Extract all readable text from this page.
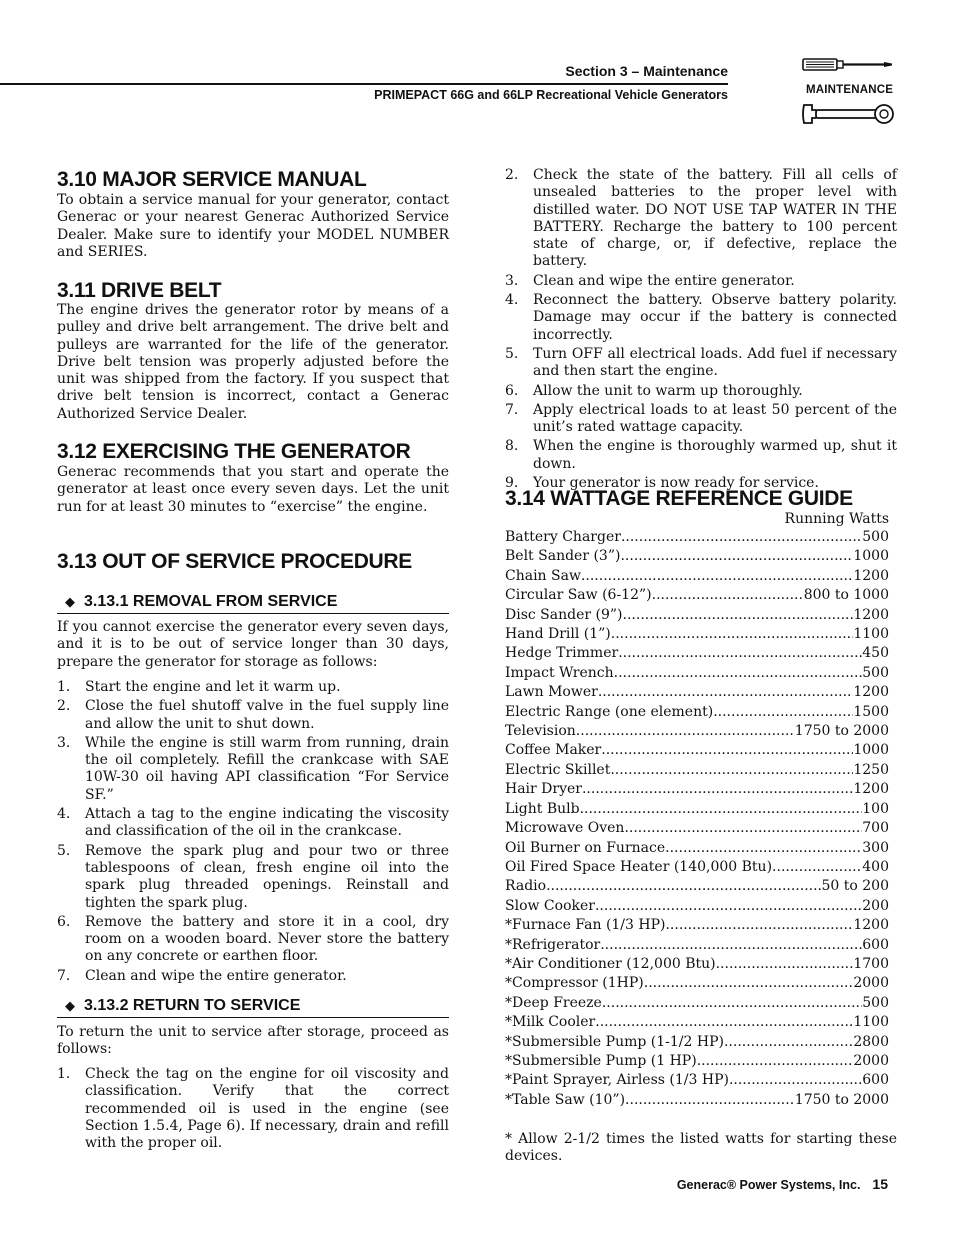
Section 3 – Maintenance
PRIMEPACT 66G and 66LP Recreational Vehicle Generators	MAINTENANCE
3.10 MAJOR SERVICE MANUAL

To obtain a service manual for your generator, contact Generac or your nearest Generac Authorized Service Dealer. Make sure to identify your MODEL NUMBER and SERIES.

3.11 DRIVE BELT

The engine drives the generator rotor by means of a pulley and drive belt arrangement. The drive belt and pulleys are warranted for the life of the generator. Drive belt tension was properly adjusted before the unit was shipped from the factory. If you suspect that drive belt tension is incorrect, contact a Generac Authorized Service Dealer.

3.12 EXERCISING THE GENERATOR

Generac recommends that you start and operate the generator at least once every seven days. Let the unit run for at least 30 minutes to “exercise” the engine.

3.13 OUT OF SERVICE PROCEDURE
◆ 3.13.1 REMOVAL FROM SERVICE

If you cannot exercise the generator every seven days, and it is to be out of service longer than 30 days, prepare the generator for storage as follows:

1. Start the engine and let it warm up.
2. Close the fuel shutoff valve in the fuel supply line and allow the unit to shut down.
3. While the engine is still warm from running, drain the oil completely. Refill the crankcase with SAE 10W-30 oil having API classification “For Service SF.”
4. Attach a tag to the engine indicating the viscosity and classification of the oil in the crankcase.
5. Remove the spark plug and pour two or three tablespoons of clean, fresh engine oil into the spark plug threaded openings. Reinstall and tighten the spark plug.
6. Remove the battery and store it in a cool, dry room on a wooden board. Never store the battery on any concrete or earthen floor.
7. Clean and wipe the entire generator.
◆ 3.13.2 RETURN TO SERVICE

To return the unit to service after storage, proceed as follows:

1. Check the tag on the engine for oil viscosity and classification. Verify that the correct recommended oil is used in the engine (see Section 1.5.4, Page 6). If necessary, drain and refill with the proper oil.
2. Check the state of the battery. Fill all cells of unsealed batteries to the proper level with distilled water. DO NOT USE TAP WATER IN THE BATTERY. Recharge the battery to 100 percent state of charge, or, if defective, replace the battery.
3. Clean and wipe the entire generator.
4. Reconnect the battery. Observe battery polarity. Damage may occur if the battery is connected incorrectly.
5. Turn OFF all electrical loads. Add fuel if necessary and then start the engine.
6. Allow the unit to warm up thoroughly.
7. Apply electrical loads to at least 50 percent of the unit’s rated wattage capacity.
8. When the engine is thoroughly warmed up, shut it down.
9. Your generator is now ready for service.
3.14 WATTAGE REFERENCE GUIDE
Running Watts
Battery Charger .....	500
Belt Sander (3”) .....	1000
Chain Saw .....	1200
Circular Saw (6-12”) .....	800 to 1000
Disc Sander (9”) .....	1200
Hand Drill (1”) .....	1100
Hedge Trimmer .....	450
Impact Wrench .....	500
Lawn Mower .....	1200
Electric Range (one element) .....	1500
Television .....	1750 to 2000
Coffee Maker .....	1000
Electric Skillet .....	1250
Hair Dryer .....	1200
Light Bulb .....	100
Microwave Oven .....	700
Oil Burner on Furnace .....	300
Oil Fired Space Heater (140,000 Btu) .....	400
Radio .....	50 to 200
Slow Cooker .....	200
*Furnace Fan (1/3 HP) .....	1200
*Refrigerator .....	600
*Air Conditioner (12,000 Btu) .....	1700
*Compressor (1HP) .....	2000
*Deep Freeze .....	500
*Milk Cooler .....	1100
*Submersible Pump (1-1/2 HP) .....	2800
*Submersible Pump (1 HP) .....	2000
*Paint Sprayer, Airless (1/3 HP) .....	600
*Table Saw (10”) .....	1750 to 2000

* Allow 2-1/2 times the listed watts for starting these devices.

Generac® Power Systems, Inc. 15
